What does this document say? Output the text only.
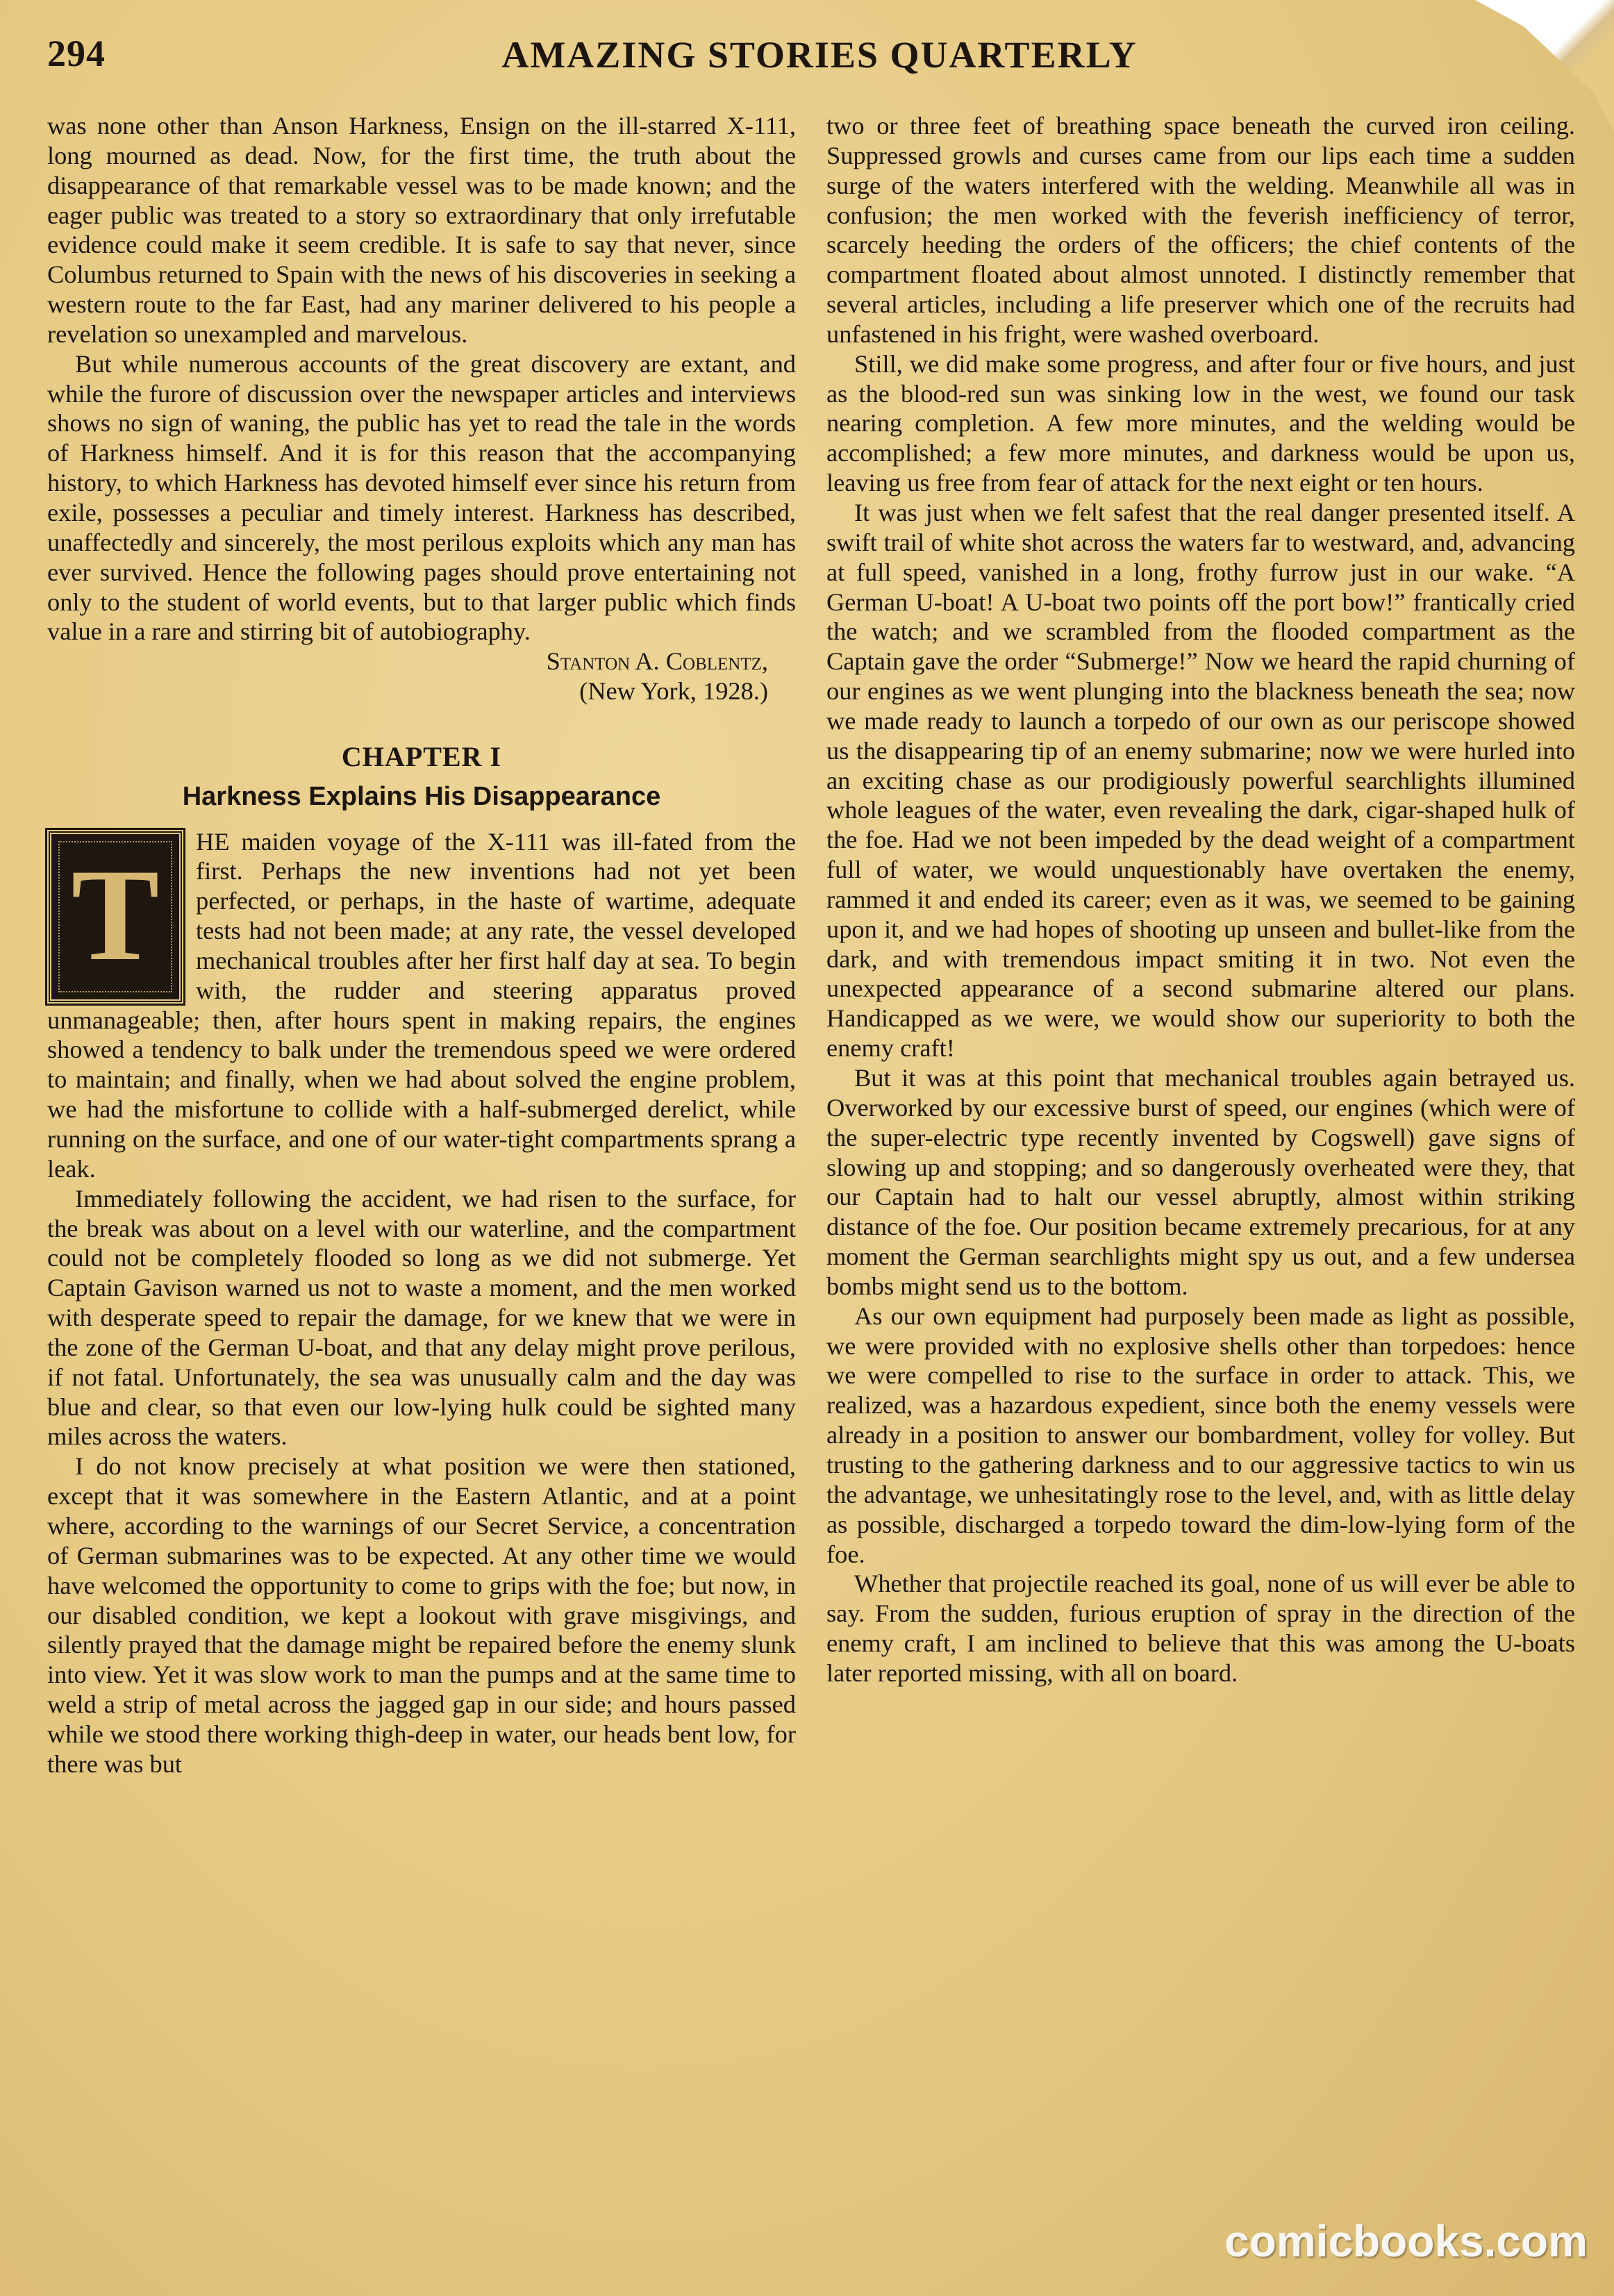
294	AMAZING STORIES QUARTERLY

was none other than Anson Harkness, Ensign on the ill-starred X-111, long mourned as dead. Now, for the first time, the truth about the disappearance of that remarkable vessel was to be made known; and the eager public was treated to a story so extraordinary that only irrefutable evidence could make it seem credible. It is safe to say that never, since Columbus returned to Spain with the news of his discoveries in seeking a western route to the far East, had any mariner delivered to his people a revelation so unexampled and marvelous.

But while numerous accounts of the great discovery are extant, and while the furore of discussion over the newspaper articles and interviews shows no sign of waning, the public has yet to read the tale in the words of Harkness himself. And it is for this reason that the accompanying history, to which Harkness has devoted himself ever since his return from exile, possesses a peculiar and timely interest. Harkness has described, unaffectedly and sincerely, the most perilous exploits which any man has ever survived. Hence the following pages should prove entertaining not only to the student of world events, but to that larger public which finds value in a rare and stirring bit of autobiography.

Stanton A. Coblentz,

(New York, 1928.)

CHAPTER I
Harkness Explains His Disappearance
T

HE maiden voyage of the X-111 was ill-fated from the first. Perhaps the new inventions had not yet been perfected, or perhaps, in the haste of wartime, adequate tests had not been made; at any rate, the vessel developed mechanical troubles after her first half day at sea. To begin with, the rudder and steering apparatus proved unmanageable; then, after hours spent in making repairs, the engines showed a tendency to balk under the tremendous speed we were ordered to maintain; and finally, when we had about solved the engine problem, we had the misfortune to collide with a half-submerged derelict, while running on the surface, and one of our water-tight compartments sprang a leak.

Immediately following the accident, we had risen to the surface, for the break was about on a level with our waterline, and the compartment could not be completely flooded so long as we did not submerge. Yet Captain Gavison warned us not to waste a moment, and the men worked with desperate speed to repair the damage, for we knew that we were in the zone of the German U-boat, and that any delay might prove perilous, if not fatal. Unfortunately, the sea was unusually calm and the day was blue and clear, so that even our low-lying hulk could be sighted many miles across the waters.

I do not know precisely at what position we were then stationed, except that it was somewhere in the Eastern Atlantic, and at a point where, according to the warnings of our Secret Service, a concentration of German submarines was to be expected. At any other time we would have welcomed the opportunity to come to grips with the foe; but now, in our disabled condition, we kept a lookout with grave misgivings, and silently prayed that the damage might be repaired before the enemy slunk into view. Yet it was slow work to man the pumps and at the same time to weld a strip of metal across the jagged gap in our side; and hours passed while we stood there working thigh-deep in water, our heads bent low, for there was but

two or three feet of breathing space beneath the curved iron ceiling. Suppressed growls and curses came from our lips each time a sudden surge of the waters interfered with the welding. Meanwhile all was in confusion; the men worked with the feverish inefficiency of terror, scarcely heeding the orders of the officers; the chief contents of the compartment floated about almost unnoted. I distinctly remember that several articles, including a life preserver which one of the recruits had unfastened in his fright, were washed overboard.

Still, we did make some progress, and after four or five hours, and just as the blood-red sun was sinking low in the west, we found our task nearing completion. A few more minutes, and the welding would be accomplished; a few more minutes, and darkness would be upon us, leaving us free from fear of attack for the next eight or ten hours.

It was just when we felt safest that the real danger presented itself. A swift trail of white shot across the waters far to westward, and, advancing at full speed, vanished in a long, frothy furrow just in our wake. “A German U-boat! A U-boat two points off the port bow!” frantically cried the watch; and we scrambled from the flooded compartment as the Captain gave the order “Submerge!” Now we heard the rapid churning of our engines as we went plunging into the blackness beneath the sea; now we made ready to launch a torpedo of our own as our periscope showed us the disappearing tip of an enemy submarine; now we were hurled into an exciting chase as our prodigiously powerful searchlights illumined whole leagues of the water, even revealing the dark, cigar-shaped hulk of the foe. Had we not been impeded by the dead weight of a compartment full of water, we would unquestionably have overtaken the enemy, rammed it and ended its career; even as it was, we seemed to be gaining upon it, and we had hopes of shooting up unseen and bullet-like from the dark, and with tremendous impact smiting it in two. Not even the unexpected appearance of a second submarine altered our plans. Handicapped as we were, we would show our superiority to both the enemy craft!

But it was at this point that mechanical troubles again betrayed us. Overworked by our excessive burst of speed, our engines (which were of the super-electric type recently invented by Cogswell) gave signs of slowing up and stopping; and so dangerously overheated were they, that our Captain had to halt our vessel abruptly, almost within striking distance of the foe. Our position became extremely precarious, for at any moment the German searchlights might spy us out, and a few undersea bombs might send us to the bottom.

As our own equipment had purposely been made as light as possible, we were provided with no explosive shells other than torpedoes: hence we were compelled to rise to the surface in order to attack. This, we realized, was a hazardous expedient, since both the enemy vessels were already in a position to answer our bombardment, volley for volley. But trusting to the gathering darkness and to our aggressive tactics to win us the advantage, we unhesitatingly rose to the level, and, with as little delay as possible, discharged a torpedo toward the dim-low-lying form of the foe.

Whether that projectile reached its goal, none of us will ever be able to say. From the sudden, furious eruption of spray in the direction of the enemy craft, I am inclined to believe that this was among the U-boats later reported missing, with all on board.

comicbooks.com
